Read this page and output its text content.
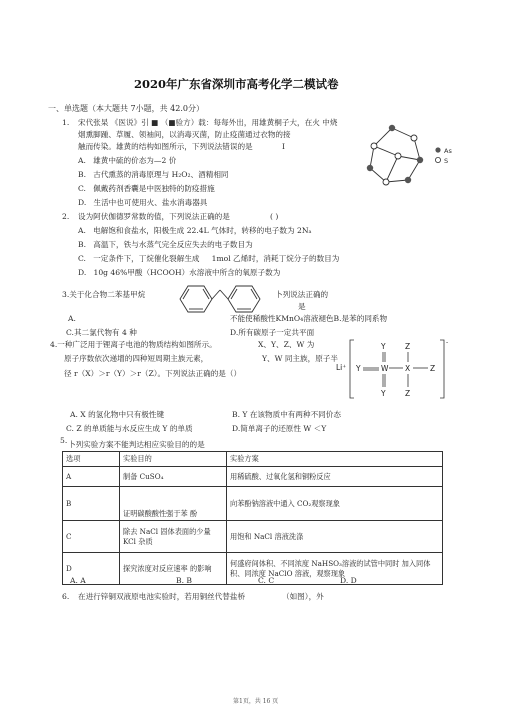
2020年广东省深圳市高考化学二模试卷
一、单选题（本大题共 7小题，共 42.0分）
1. 宋代张杲 《医说》引 ■ （■验方）载：每每外出，用雄黄桐子大，在火 中烧
烟熏脚踵、草履、领袖间，以消毒灭菌，防止疫菌通过衣物的接
触而传染。雄黄的结构如图所示，下列说法错误的是	I
A. 雄黄中硫的价态为—2 价
B. 古代熏蒸的消毒原理与 H₂O₂、酒精相同
C. 佩戴药剂香囊是中医独特的防疫措施
D. 生活中也可使用火、盐水消毒器具
As
S
2. 设为阿伏伽德罗常数的值，下列说法正确的是	( )
A. 电解饱和食盐水，阳极生成 22.4L 气体时，转移的电子数为 2Nₐ
B. 高温下，铁与水蒸气完全反应失去的电子数目为
C. 一定条件下，丁烷催化裂解生成 1mol 乙烯时，消耗丁烷分子的数目为
D. 10g 46%甲酸（HCOOH）水溶液中所含的氧原子数为
3.关于化合物二苯基甲烷	卜列说法正确的
是
A.	不能使稀酸性KMnO₄溶液褪色B.是苯的同系物
C.其二氯代物有 4 种	D.所有碳原子一定共平面
4.一种广泛用于锂离子电池的物质结构如图所示。	X、Y、Z、W 为
原子序数依次递增的四种短周期主族元素，	Y、W 同主族，原子半
径 r（X）＞r（Y）＞r（Z）。下列说法正确的是（）
Li⁺
-
Y
Y
W
Y
Z
X
Z
Z
A. X 的氢化物中只有极性键	B. Y 在该物质中有两种不同价态
C. Z 的单质能与水反应生成 Y 的单质	D.简单离子的还原性 W ＜Y
5. 卜列实验方案不能判达相应实验目的的是
选项	实验目的	实验方案
A	制备 CuSO₄	用稀硫酸、过氧化氢和铜粉反应
B	证明碳酸酸性强于苯 酚	向苯酚钠溶液中通入 CO₂观察现象
C	除去 NaCl 固体表面的少量 KCl 杂质	用饱和 NaCl 溶液洗涤
D	探究浓度对反应速率 的影响	何盛府间体积、不同浓度 NaHSO₃溶液的试管中同时 加入同体积、同浓度 NaClO 溶液，观察现象
A. A	B. B	C. C	D. D
6. 在进行锌铜双液原电池实验时，若用铜丝代替盐桥	（如图），外
第1页，共 16 页
